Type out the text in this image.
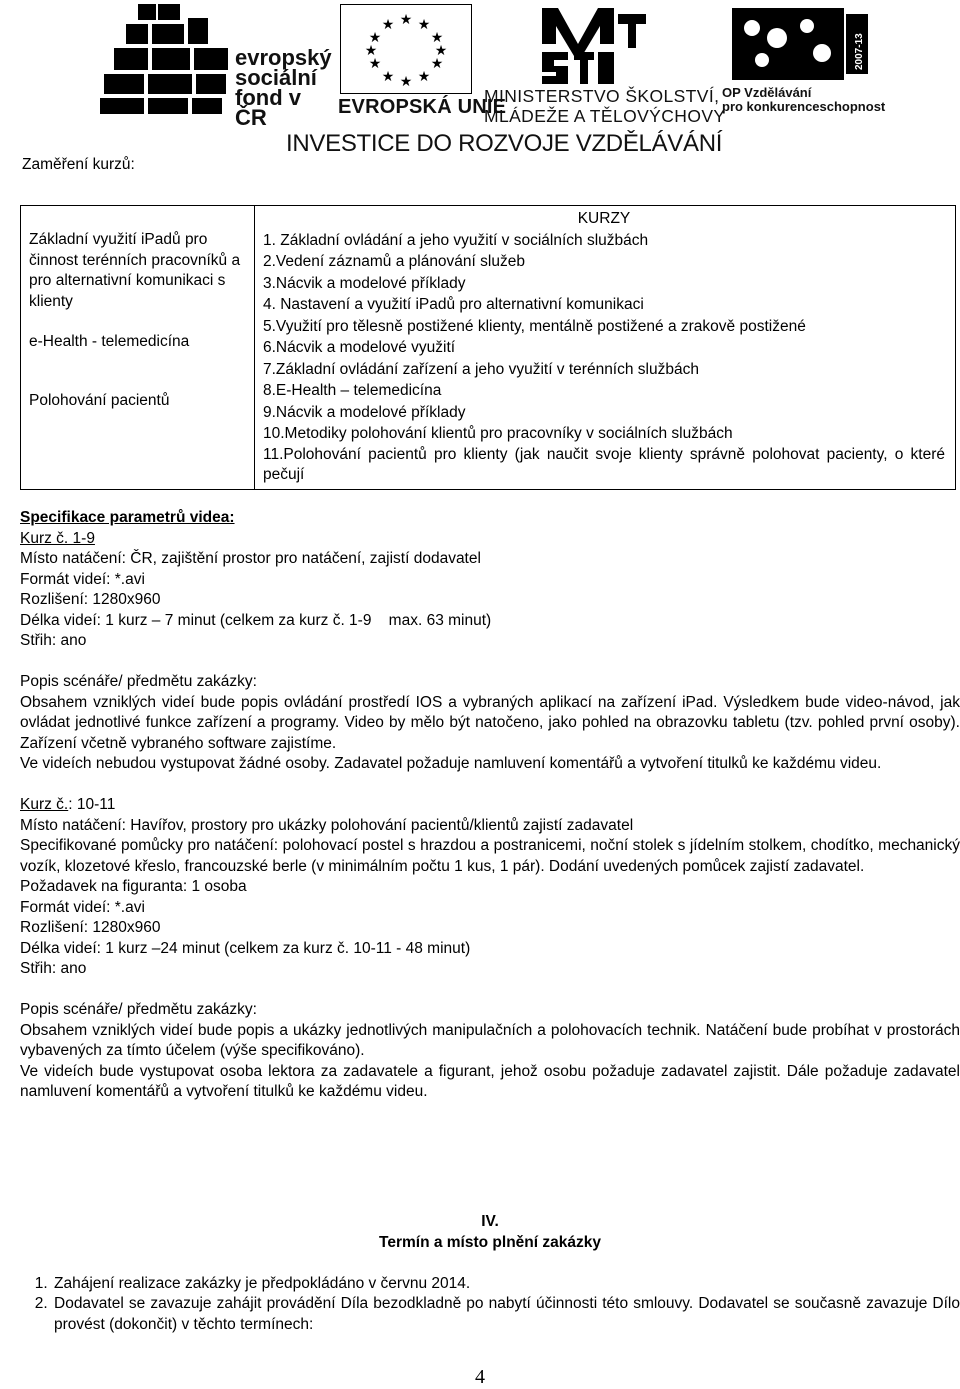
evropský sociální fond v ČR
★ ★
★
★
★
★
★
★
★
★
★
★
EVROPSKÁ UNIE
MINISTERSTVO ŠKOLSTVÍ,
MLÁDEŽE A TĚLOVÝCHOVY
2007-13
OP Vzdělávání
pro konkurenceschopnost
INVESTICE DO ROZVOJE VZDĚLÁVÁNÍ
Zaměření kurzů:
Základní využití iPadů pro činnost terénních pracovníků a pro alternativní komunikaci s klienty
e-Health - telemedicína
Polohování pacientů

KURZY
1. Základní ovládání a jeho využití v sociálních službách
2.Vedení záznamů a plánování služeb
3.Nácvik a modelové příklady
4. Nastavení a využití iPadů pro alternativní komunikaci
5.Využití pro tělesně postižené klienty, mentálně postižené a zrakově postižené
6.Nácvik a modelové využití
7.Základní ovládání zařízení a jeho využití v terénních službách
8.E-Health – telemedicína
9.Nácvik a modelové příklady
10.Metodiky polohování klientů pro pracovníky v sociálních službách
11.Polohování pacientů pro klienty (jak naučit svoje klienty správně polohovat pacienty, o které pečují

Specifikace parametrů videa:

Kurz č. 1-9

Místo natáčení: ČR, zajištění prostor pro natáčení, zajistí dodavatel

Formát videí: *.avi

Rozlišení: 1280x960

Délka videí: 1 kurz – 7 minut (celkem za kurz č. 1-9    max. 63 minut)

Střih: ano

Popis scénáře/ předmětu zakázky:

Obsahem vzniklých videí bude popis ovládání prostředí IOS a vybraných aplikací na zařízení iPad. Výsledkem bude video-návod, jak ovládat jednotlivé funkce zařízení a programy. Video by mělo být natočeno, jako pohled na obrazovku tabletu (tzv. pohled první osoby). Zařízení včetně vybraného software zajistíme.

Ve videích nebudou vystupovat žádné osoby. Zadavatel požaduje namluvení komentářů a vytvoření titulků ke každému videu.

Kurz č.: 10-11

Místo natáčení: Havířov, prostory pro ukázky polohování pacientů/klientů zajistí zadavatel

Specifikované pomůcky pro natáčení: polohovací postel s hrazdou a postranicemi, noční stolek s jídelním stolkem, chodítko, mechanický vozík, klozetové křeslo, francouzské berle (v minimálním počtu 1 kus, 1 pár). Dodání uvedených pomůcek zajistí zadavatel.

Požadavek na figuranta: 1 osoba

Formát videí: *.avi

Rozlišení: 1280x960

Délka videí: 1 kurz –24 minut (celkem za kurz č. 10-11 - 48 minut)

Střih: ano

Popis scénáře/ předmětu zakázky:

Obsahem vzniklých videí bude popis a ukázky jednotlivých manipulačních a polohovacích technik. Natáčení bude probíhat v prostorách vybavených za tímto účelem (výše specifikováno).

Ve videích bude vystupovat osoba lektora za zadavatele a figurant, jehož osobu požaduje zadavatel zajistit. Dále požaduje zadavatel namluvení komentářů a vytvoření titulků ke každému videu.

IV.

Termín a místo plnění zakázky

1. Zahájení realizace zakázky je předpokládáno v červnu 2014.
2. Dodavatel se zavazuje zahájit provádění Díla bezodkladně po nabytí účinnosti této smlouvy. Dodavatel se současně zavazuje Dílo provést (dokončit) v těchto termínech:
4
